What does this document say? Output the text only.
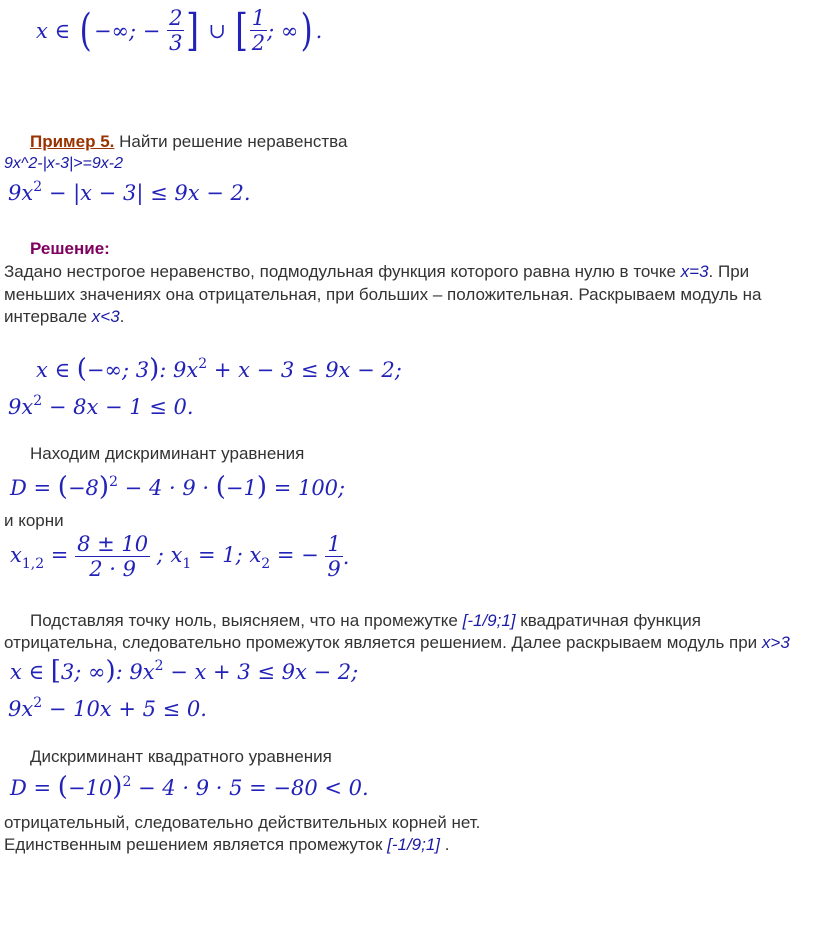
x ∈ ( −∞; − $\frac{2}{3}$ ] ∪ [ $\frac{1}{2}$ ; ∞) .
Пример 5. Найти решение неравенства
9x^2-|x-3|>=9x-2
$9x^2 - |x - 3| \le 9x - 2$.
Решение:
Задано нестрогое неравенство, подмодульная функция которого равна нулю в точке x=3. При
меньших значениях она отрицательная, при больших – положительная. Раскрываем модуль на
интервале x<3.
x ∈ (−∞; 3): $9x^2 + x - 3 \le 9x - 2$;
$9x^2 - 8x - 1 \le 0$.
Находим дискриминант уравнения
$D = (-8)^2 - 4 \cdot 9 \cdot (-1) = 100$;
и корни
$x_{1,2} = \frac{8 \pm 10}{2 \cdot 9}$ ; $x_1 = 1$; $x_2$ = − $\frac{1}{9}$ .
Подставляя точку ноль, выясняем, что на промежутке [-1/9;1] квадратичная функция
отрицательна, следовательно промежуток является решением. Далее раскрываем модуль при x>3
x ∈ [3; ∞): $9x^2 - x + 3 \le 9x - 2$;
$9x^2 - 10x + 5 \le 0$.
Дискриминант квадратного уравнения
$D = (-10)^2 - 4 \cdot 9 \cdot 5 = -80 < 0$.
отрицательный, следовательно действительных корней нет.
Единственным решением является промежуток [-1/9;1] .
